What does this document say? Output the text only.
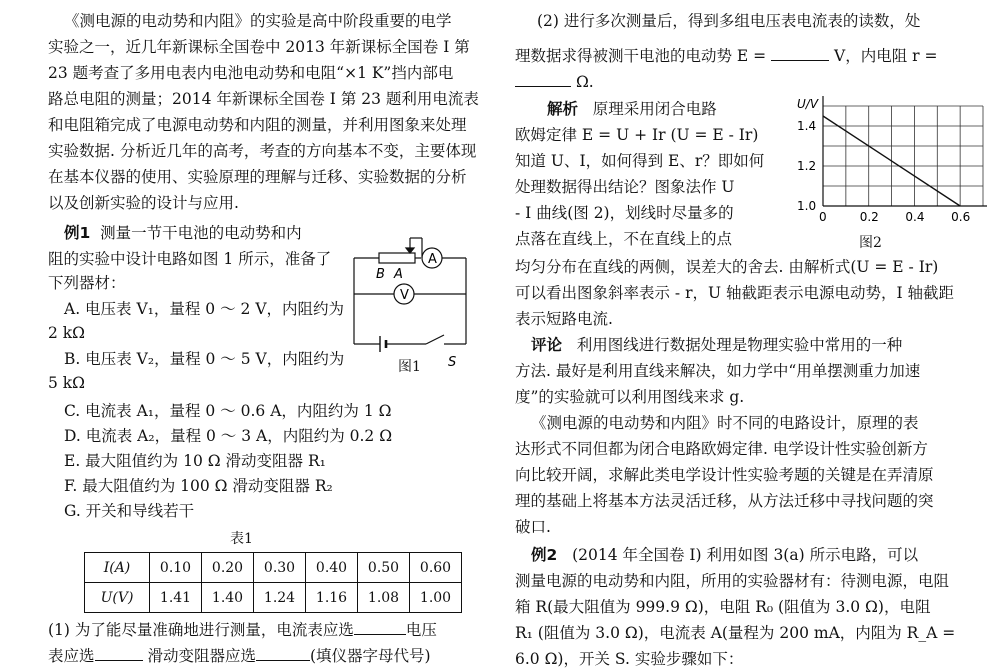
《测电源的电动势和内阻》的实验是高中阶段重要的电学
实验之一，近几年新课标全国卷中 2013 年新课标全国卷 Ⅰ 第
23 题考查了多用电表内电池电动势和电阻“×1 K”挡内部电
路总电阻的测量；2014 年新课标全国卷 Ⅰ 第 23 题利用电流表
和电阻箱完成了电源电动势和内阻的测量，并利用图象来处理
实验数据. 分析近几年的高考，考查的方向基本不变，主要体现
在基本仪器的使用、实验原理的理解与迁移、实验数据的分析
以及创新实验的设计与应用.
例1 测量一节干电池的电动势和内
阻的实验中设计电路如图 1 所示，准备了
下列器材：
A. 电压表 V₁，量程 0 ～ 2 V，内阻约为
2 kΩ
B. 电压表 V₂，量程 0 ～ 5 V，内阻约为
5 kΩ
C. 电流表 A₁，量程 0 ～ 0.6 A，内阻约为 1 Ω
D. 电流表 A₂，量程 0 ～ 3 A，内阻约为 0.2 Ω
E. 最大阻值约为 10 Ω 滑动变阻器 R₁
F. 最大阻值约为 100 Ω 滑动变阻器 R₂
G. 开关和导线若干
B A
A
V
S
图1
表1
I(A)	0.10	0.20	0.30	0.40	0.50	0.60
U(V)	1.41	1.40	1.24	1.16	1.08	1.00
(1) 为了能尽量准确地进行测量，电流表应选	电压
表应选	滑动变阻器应选	(填仪器字母代号)
(2) 进行多次测量后，得到多组电压表电流表的读数，处
理数据求得被测干电池的电动势 E =	V，内电阻 r =
Ω.
解析 原理采用闭合电路
欧姆定律 E = U + Ir (U = E - Ir)
知道 U、I，如何得到 E、r？即如何
处理数据得出结论？图象法作 U
- I 曲线(图 2)，划线时尽量多的
点落在直线上，不在直线上的点
0	0.2 0.4 0.6
1.0
1.2
1.4
U/V
图2
均匀分布在直线的两侧，误差大的舍去. 由解析式(U = E - Ir)
可以看出图象斜率表示 - r，U 轴截距表示电源电动势，I 轴截距
表示短路电流.
评论 利用图线进行数据处理是物理实验中常用的一种
方法. 最好是利用直线来解决，如力学中“用单摆测重力加速
度”的实验就可以利用图线来求 g.
《测电源的电动势和内阻》时不同的电路设计，原理的表
达形式不同但都为闭合电路欧姆定律. 电学设计性实验创新方
向比较开阔，求解此类电学设计性实验考题的关键是在弄清原
理的基础上将基本方法灵活迁移，从方法迁移中寻找问题的突
破口.
例2 (2014 年全国卷 Ⅰ) 利用如图 3(a) 所示电路，可以
测量电源的电动势和内阻，所用的实验器材有：待测电源，电阻
箱 R(最大阻值为 999.9 Ω)，电阻 R₀ (阻值为 3.0 Ω)，电阻
R₁ (阻值为 3.0 Ω)，电流表 A(量程为 200 mA，内阻为 R_A =
6.0 Ω)，开关 S. 实验步骤如下：
